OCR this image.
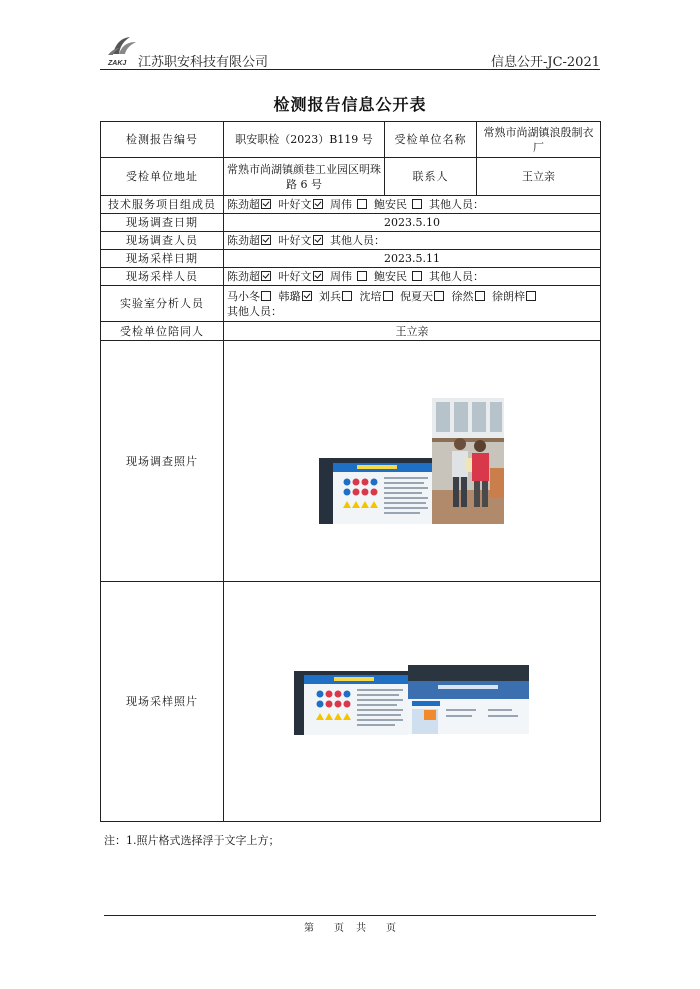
ZAKJ 江苏职安科技有限公司	信息公开-JC-2021
检测报告信息公开表
检测报告编号	职安职检（2023）B119 号	受检单位名称	常熟市尚湖镇浪殷制衣厂
受检单位地址	常熟市尚湖镇颜巷工业园区明珠路 6 号	联系人	王立亲
技术服务项目组成员	陈劲超 叶好文 周伟 鲍安民 其他人员：		
现场调查日期	2023.5.10		
现场调查人员	陈劲超 叶好文 其他人员：		
现场采样日期	2023.5.11		
现场采样人员	陈劲超 叶好文 周伟 鲍安民 其他人员：		
实验室分析人员	马小冬 韩璐 刘兵 沈培 倪夏天 徐然 徐朗梓
其他人员：		
受检单位陪同人	王立亲		
现场调查照片	

现场采样照片	
注：1.照片格式选择浮于文字上方；
第 页 共 页
